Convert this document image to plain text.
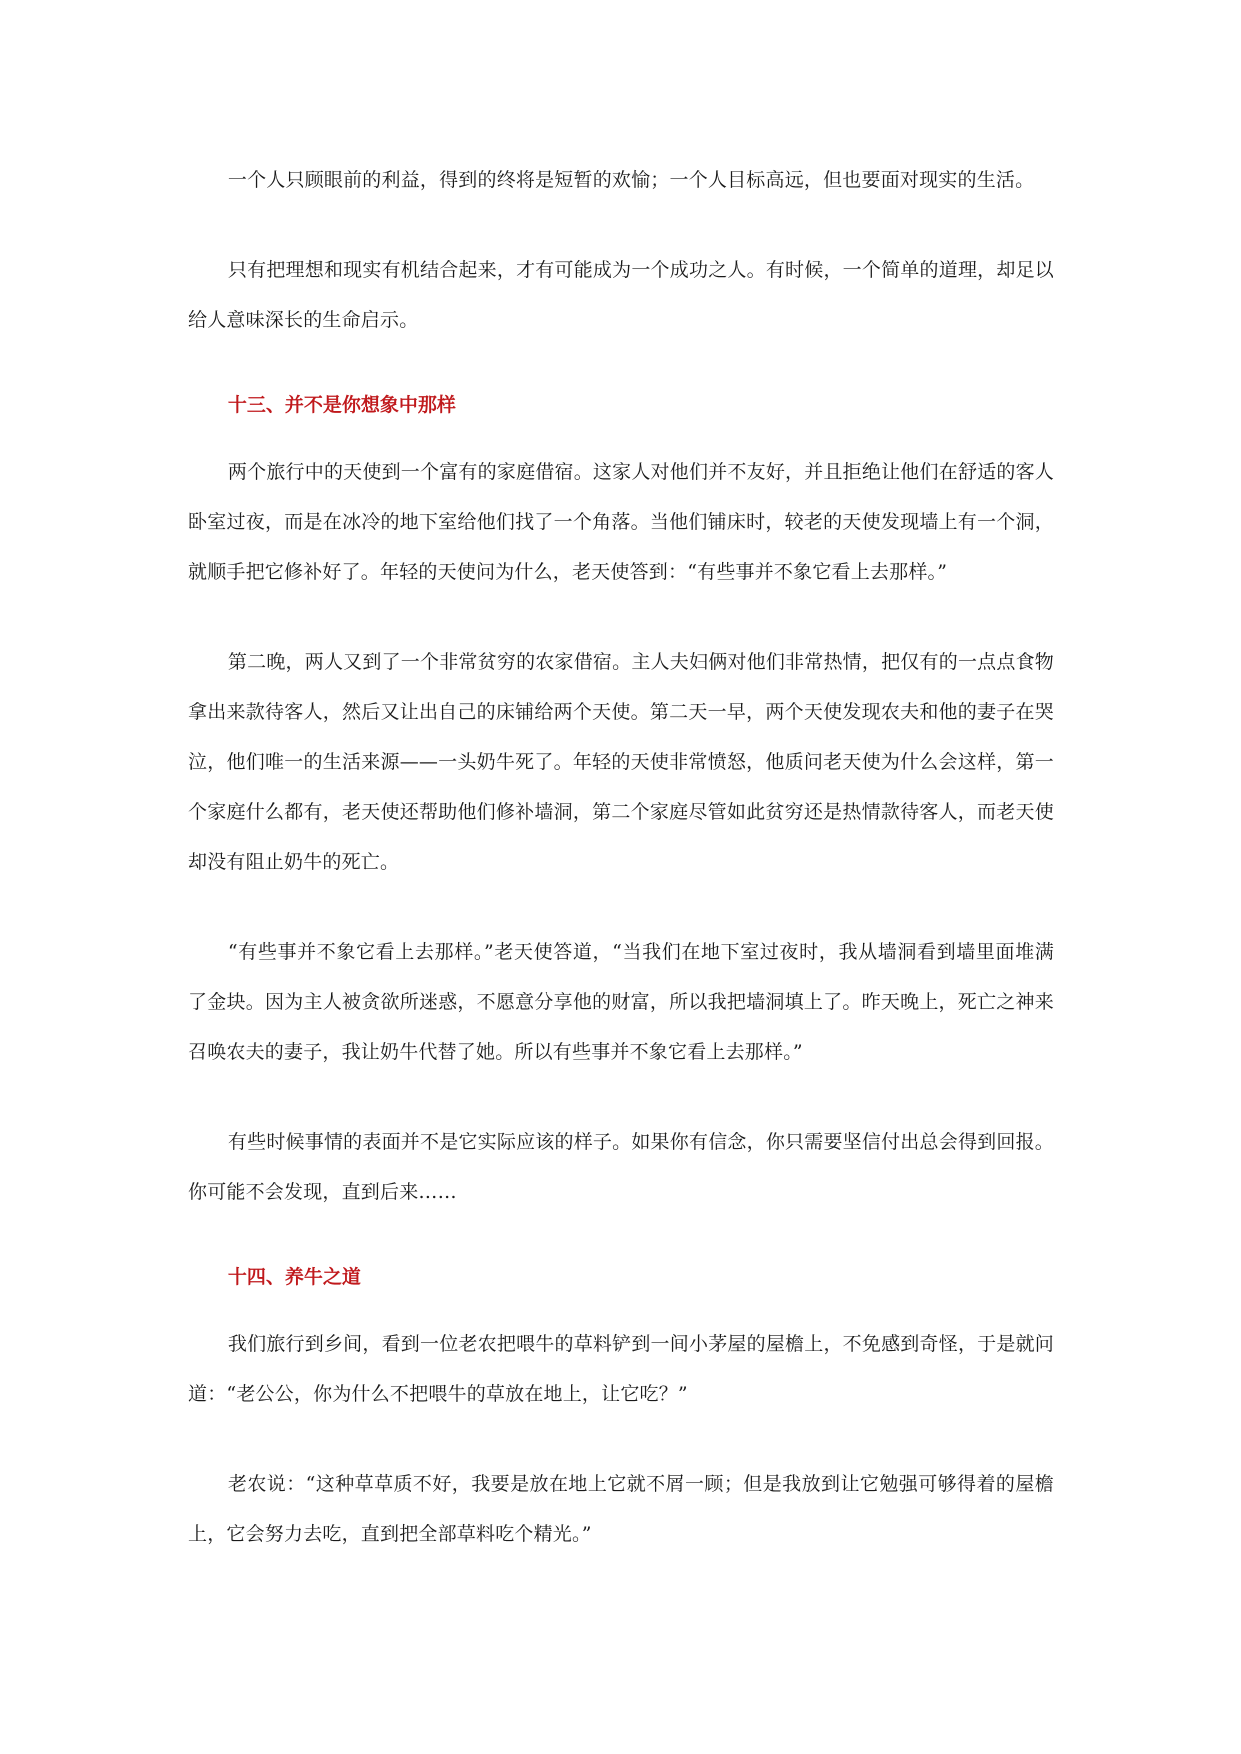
一个人只顾眼前的利益，得到的终将是短暂的欢愉；一个人目标高远，但也要面对现实的生活。

只有把理想和现实有机结合起来，才有可能成为一个成功之人。有时候，一个简单的道理，却足以 给人意味深长的生命启示。

十三、并不是你想象中那样

两个旅行中的天使到一个富有的家庭借宿。这家人对他们并不友好，并且拒绝让他们在舒适的客人卧室过夜，而是在冰冷的地下室给他们找了一个角落。当他们铺床时，较老的天使发现墙上有一个洞，就顺手把它修补好了。年轻的天使问为什么，老天使答到：“有些事并不象它看上去那样。”

第二晚，两人又到了一个非常贫穷的农家借宿。主人夫妇俩对他们非常热情，把仅有的一点点食物拿出来款待客人，然后又让出自己的床铺给两个天使。第二天一早，两个天使发现农夫和他的妻子在哭泣，他们唯一的生活来源——一头奶牛死了。年轻的天使非常愤怒，他质问老天使为什么会这样，第一个家庭什么都有，老天使还帮助他们修补墙洞，第二个家庭尽管如此贫穷还是热情款待客人，而老天使却没有阻止奶牛的死亡。

“有些事并不象它看上去那样。”老天使答道，“当我们在地下室过夜时，我从墙洞看到墙里面堆满了金块。因为主人被贪欲所迷惑，不愿意分享他的财富，所以我把墙洞填上了。昨天晚上，死亡之神来召唤农夫的妻子，我让奶牛代替了她。所以有些事并不象它看上去那样。”

有些时候事情的表面并不是它实际应该的样子。如果你有信念，你只需要坚信付出总会得到回报。你可能不会发现，直到后来……

十四、养牛之道

我们旅行到乡间，看到一位老农把喂牛的草料铲到一间小茅屋的屋檐上，不免感到奇怪，于是就问道：“老公公，你为什么不把喂牛的草放在地上，让它吃？”

老农说：“这种草草质不好，我要是放在地上它就不屑一顾；但是我放到让它勉强可够得着的屋檐上，它会努力去吃，直到把全部草料吃个精光。”
